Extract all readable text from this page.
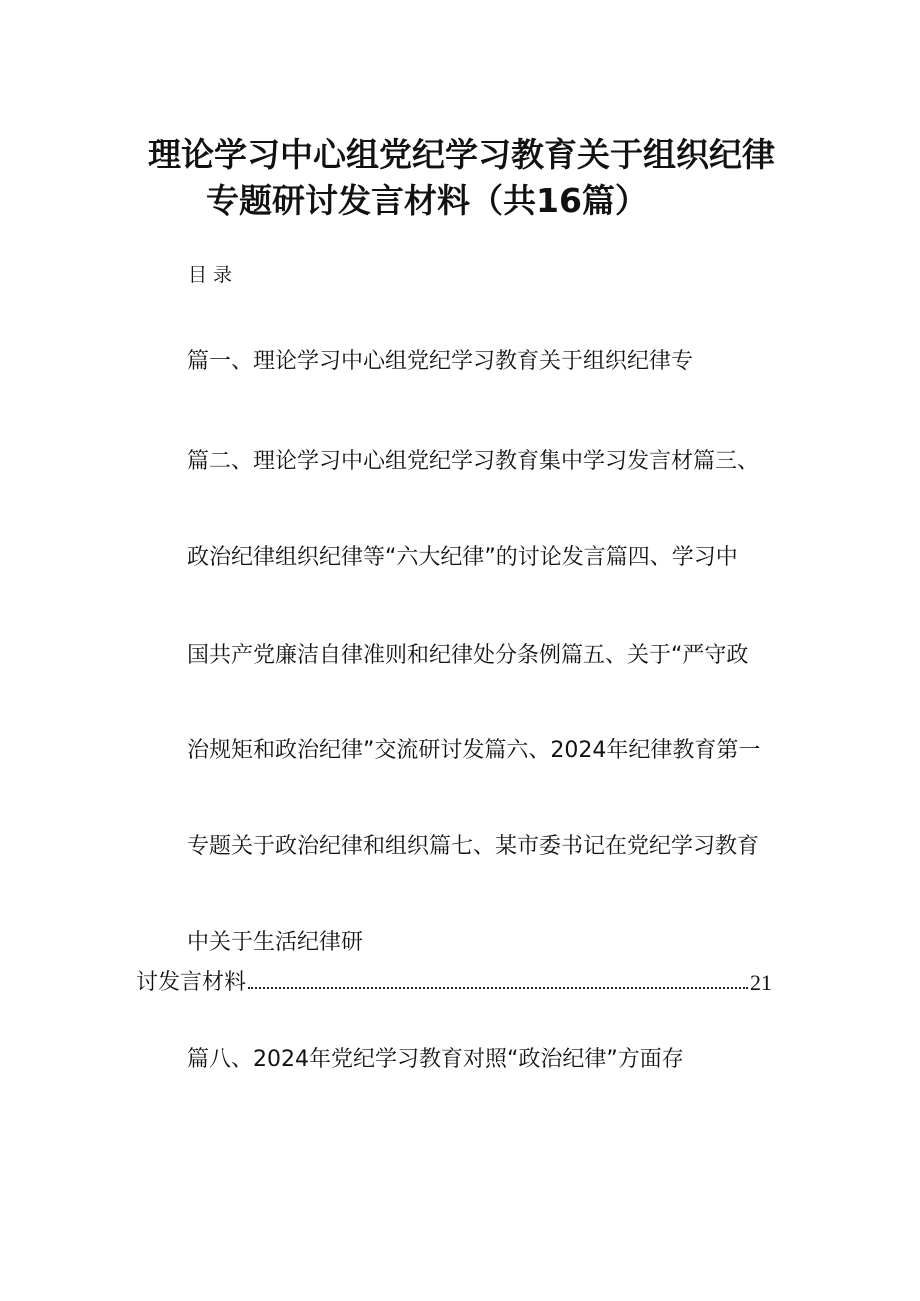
理论学习中心组党纪学习教育关于组织纪律
专题研讨发言材料（共16篇）
目录
篇一、理论学习中心组党纪学习教育关于组织纪律专
篇二、理论学习中心组党纪学习教育集中学习发言材篇三、
政治纪律组织纪律等“六大纪律”的讨论发言篇四、学习中
国共产党廉洁自律准则和纪律处分条例篇五、关于“严守政
治规矩和政治纪律”交流研讨发篇六、2024年纪律教育第一
专题关于政治纪律和组织篇七、某市委书记在党纪学习教育
中关于生活纪律研
讨发言材料	21
篇八、2024年党纪学习教育对照“政治纪律”方面存
